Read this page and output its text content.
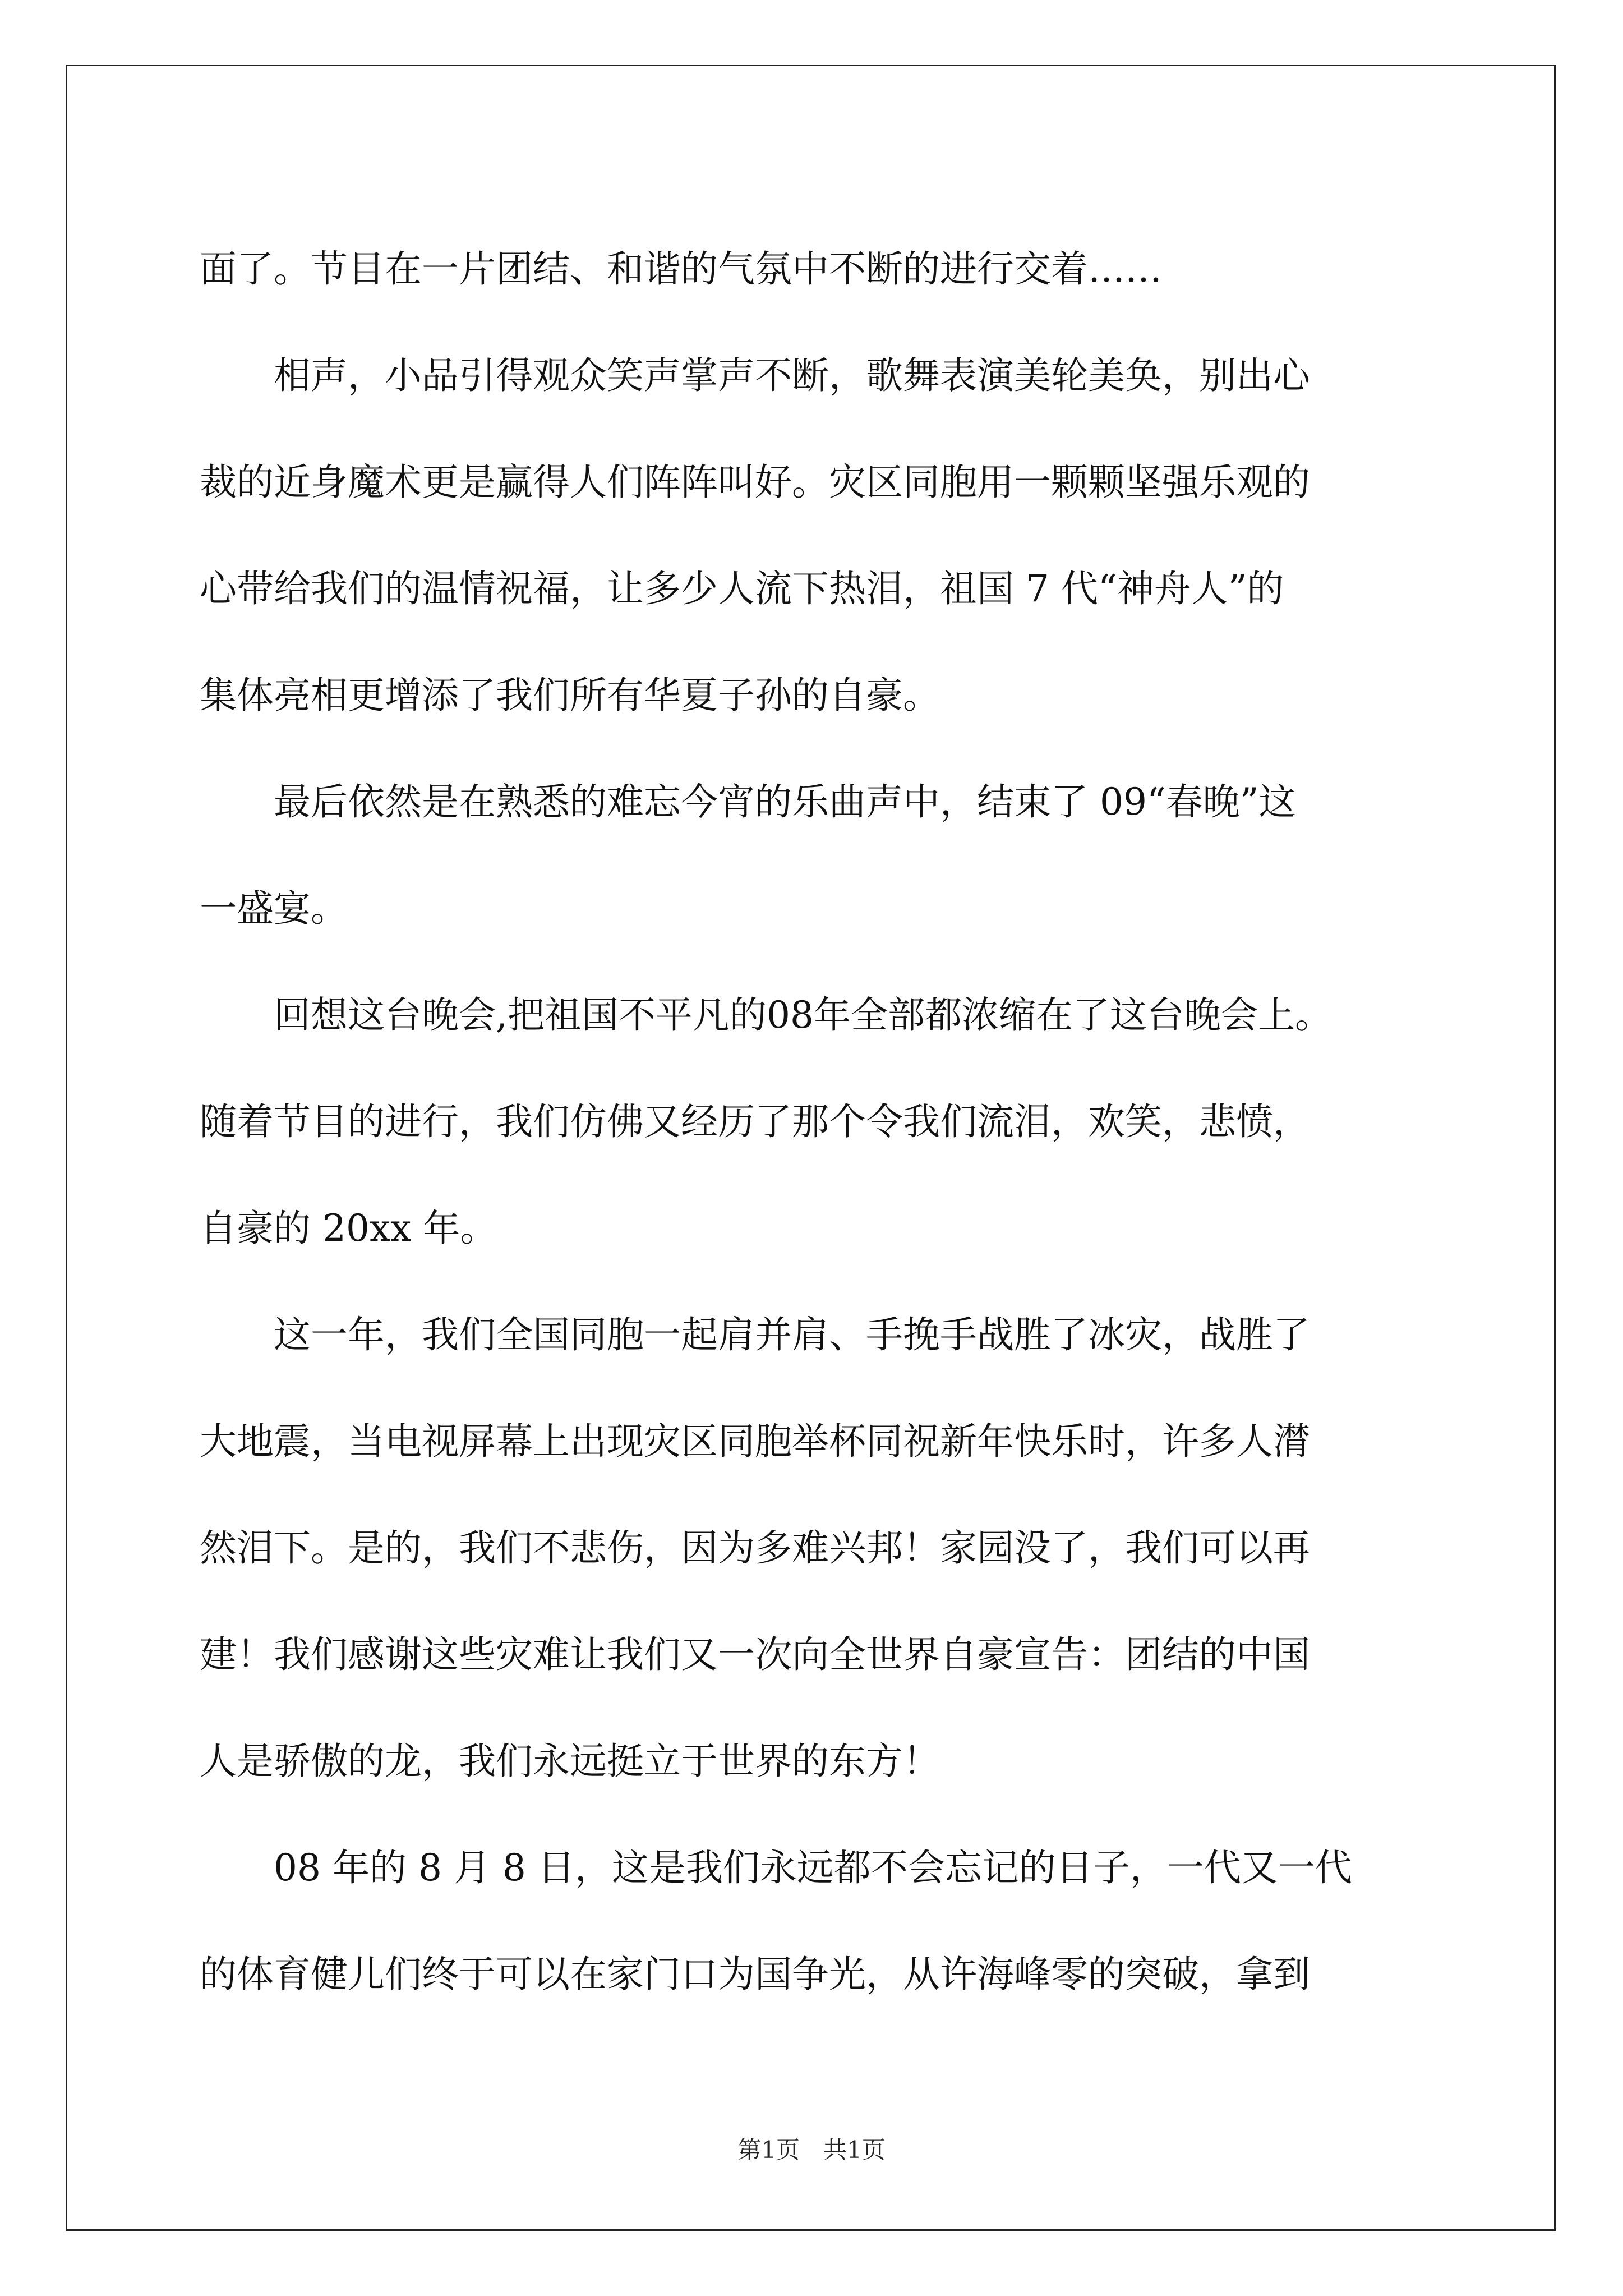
面了。节目在一片团结、和谐的气氛中不断的进行交着……
　　相声，小品引得观众笑声掌声不断，歌舞表演美轮美奂，别出心
裁的近身魔术更是赢得人们阵阵叫好。灾区同胞用一颗颗坚强乐观的
心带给我们的温情祝福，让多少人流下热泪，祖国 7 代“神舟人”的
集体亮相更增添了我们所有华夏子孙的自豪。
　　最后依然是在熟悉的难忘今宵的乐曲声中，结束了 09“春晚”这
一盛宴。
　　回想这台晚会,把祖国不平凡的08年全部都浓缩在了这台晚会上。
随着节目的进行，我们仿佛又经历了那个令我们流泪，欢笑，悲愤，
自豪的 20xx 年。
　　这一年，我们全国同胞一起肩并肩、手挽手战胜了冰灾，战胜了
大地震，当电视屏幕上出现灾区同胞举杯同祝新年快乐时，许多人潸
然泪下。是的，我们不悲伤，因为多难兴邦！家园没了，我们可以再
建！我们感谢这些灾难让我们又一次向全世界自豪宣告：团结的中国
人是骄傲的龙，我们永远挺立于世界的东方！
　　08 年的 8 月 8 日，这是我们永远都不会忘记的日子，一代又一代
的体育健儿们终于可以在家门口为国争光，从许海峰零的突破，拿到
第1页　共1页
